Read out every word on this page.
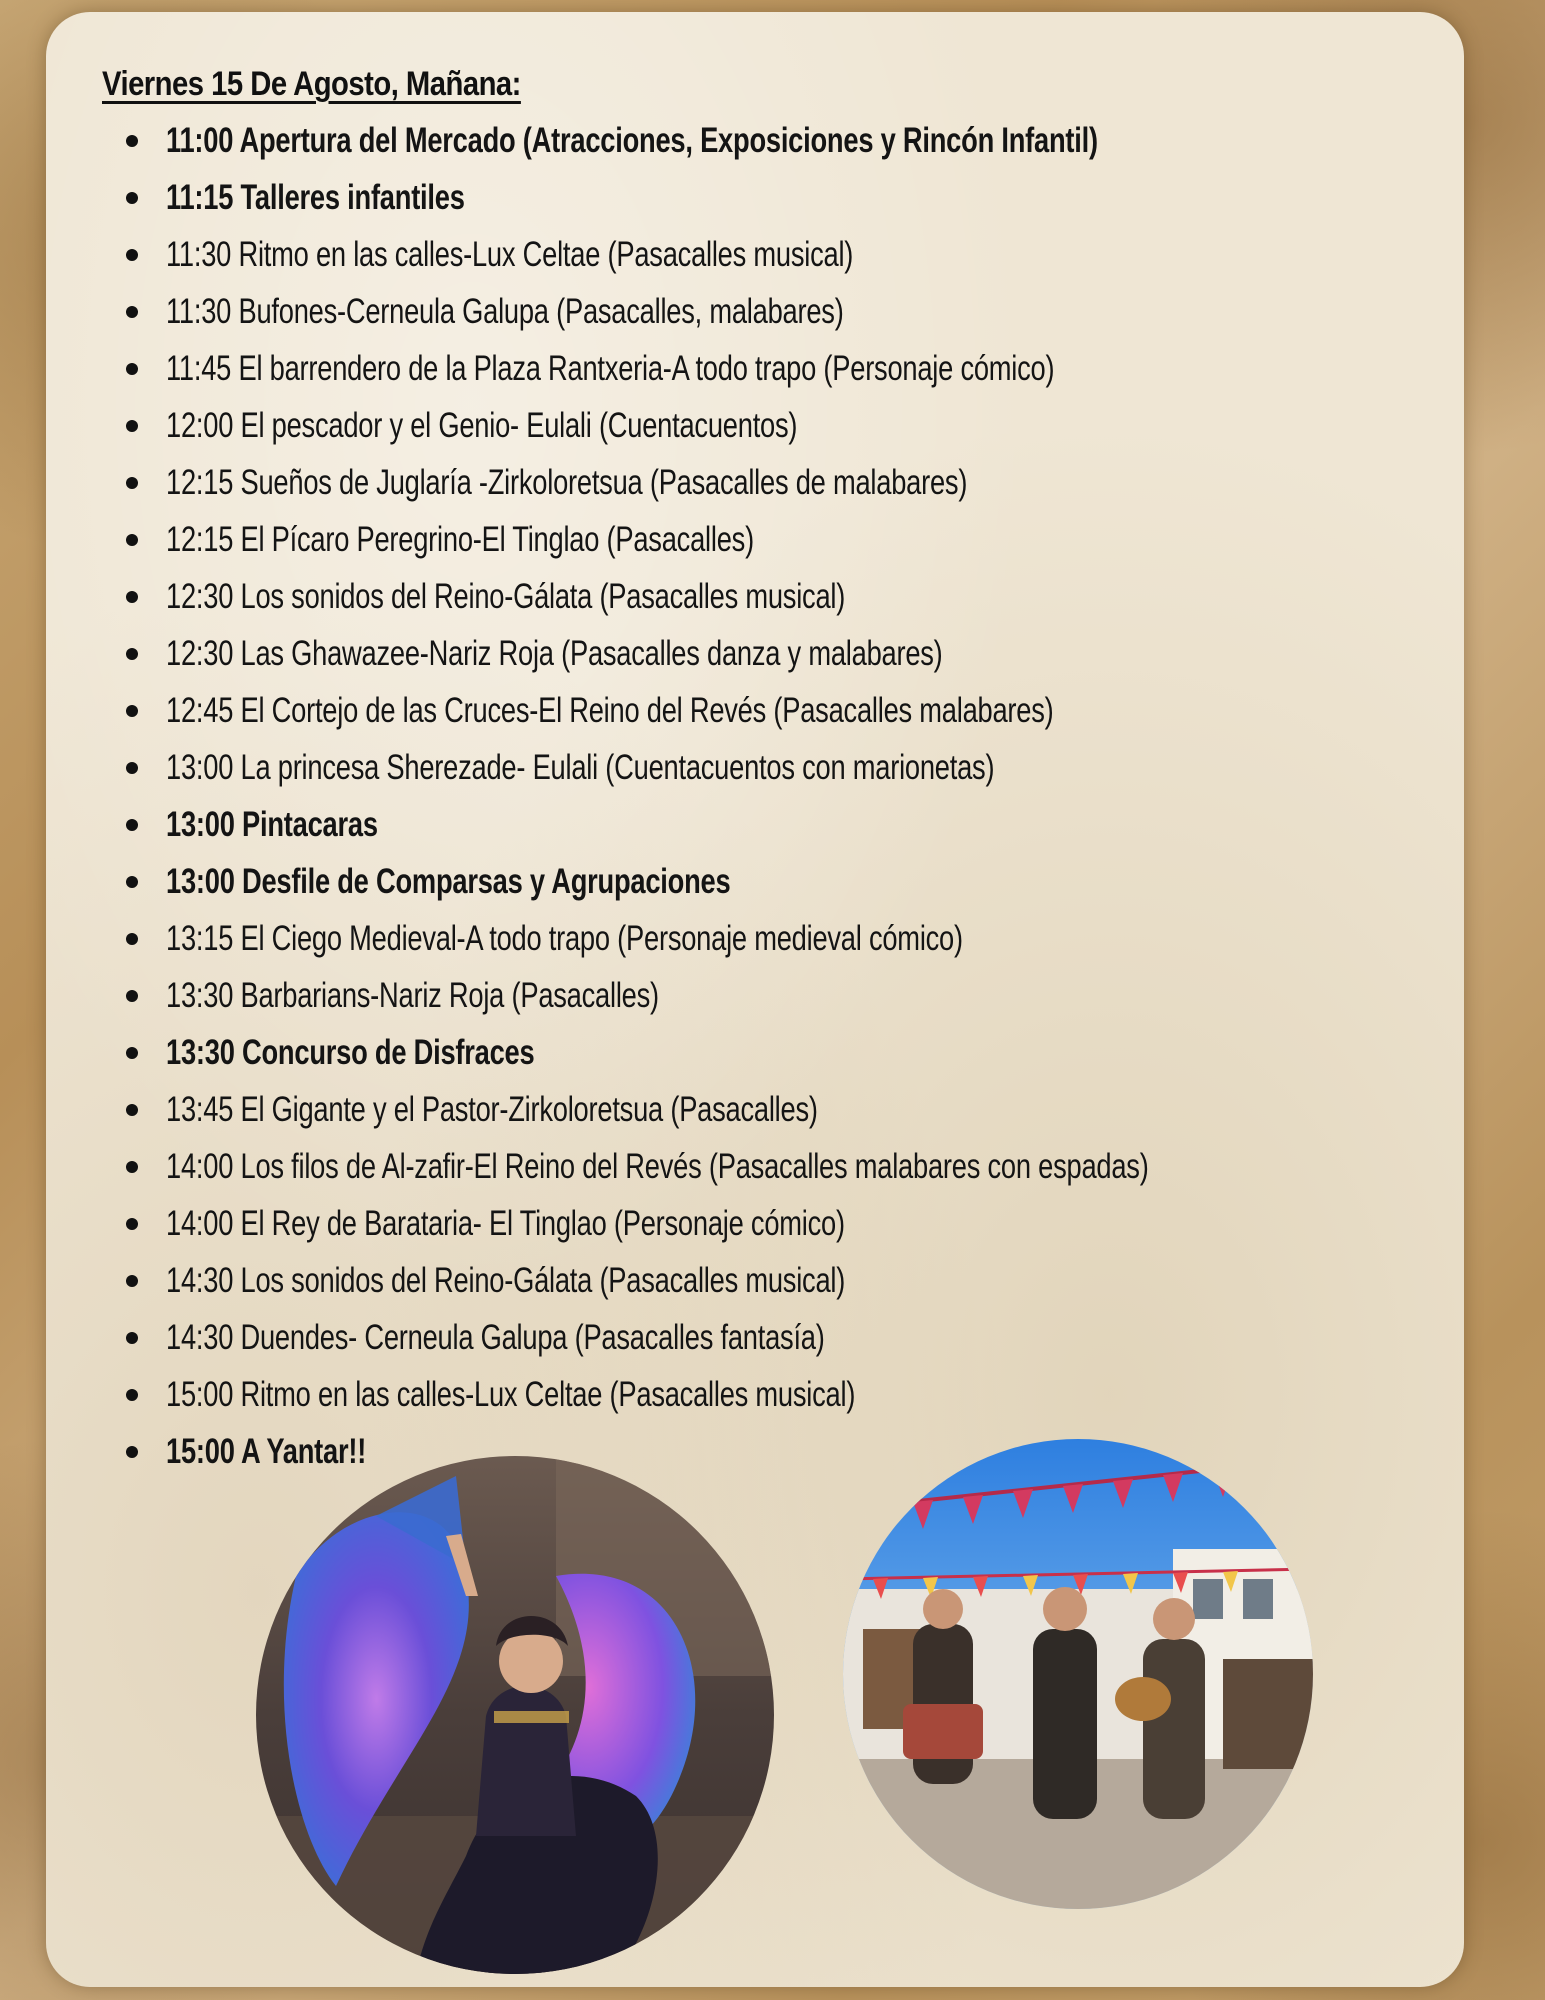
Viernes 15 De Agosto, Mañana:
11:00 Apertura del Mercado (Atracciones, Exposiciones y Rincón Infantil)
11:15 Talleres infantiles
11:30 Ritmo en las calles-Lux Celtae (Pasacalles musical)
11:30 Bufones-Cerneula Galupa (Pasacalles, malabares)
11:45 El barrendero de la Plaza Rantxeria-A todo trapo (Personaje cómico)
12:00 El pescador y el Genio- Eulali (Cuentacuentos)
12:15 Sueños de Juglaría -Zirkoloretsua (Pasacalles de malabares)
12:15 El Pícaro Peregrino-El Tinglao (Pasacalles)
12:30 Los sonidos del Reino-Gálata (Pasacalles musical)
12:30 Las Ghawazee-Nariz Roja (Pasacalles danza y malabares)
12:45 El Cortejo de las Cruces-El Reino del Revés (Pasacalles malabares)
13:00 La princesa Sherezade- Eulali (Cuentacuentos con marionetas)
13:00 Pintacaras
13:00 Desfile de Comparsas y Agrupaciones
13:15 El Ciego Medieval-A todo trapo (Personaje medieval cómico)
13:30 Barbarians-Nariz Roja (Pasacalles)
13:30 Concurso de Disfraces
13:45 El Gigante y el Pastor-Zirkoloretsua (Pasacalles)
14:00 Los filos de Al-zafir-El Reino del Revés (Pasacalles malabares con espadas)
14:00 El Rey de Barataria- El Tinglao (Personaje cómico)
14:30 Los sonidos del Reino-Gálata (Pasacalles musical)
14:30 Duendes- Cerneula Galupa (Pasacalles fantasía)
15:00 Ritmo en las calles-Lux Celtae (Pasacalles musical)
15:00 A Yantar!!
